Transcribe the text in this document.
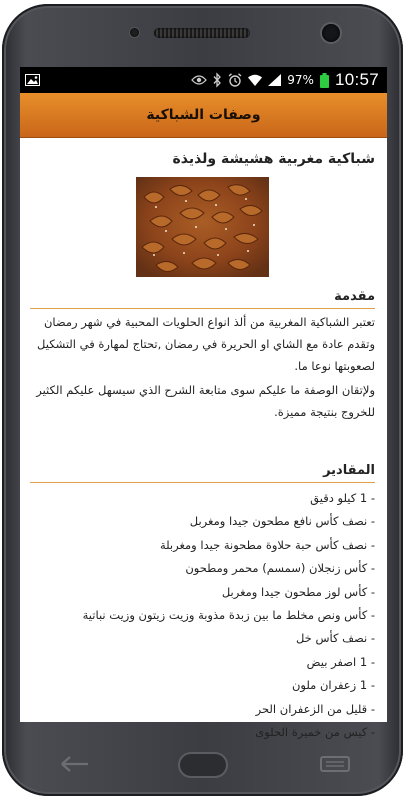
97% 10:57
وصفات الشباكية
شباكية مغربية هشيشة ولذيذة
مقدمة

تعتبر الشباكية المغربية من ألذ انواع الحلويات المحبية في شهر رمضان وتقدم عادة مع الشاي او الحريرة في رمضان ,تحتاج لمهارة في التشكيل لصعوبتها نوعا ما.

ولإتقان الوصفة ما عليكم سوى متابعة الشرح الذي سيسهل عليكم الكثير للخروج بنتيجة مميزة.

المقادير
- 1 كيلو دقيق
- نصف كأس نافع مطحون جيدا ومغربل
- نصف كأس حبة حلاوة مطحونة جيدا ومغربلة
- كأس زنجلان (سمسم) محمر ومطحون
- كأس لوز مطحون جيدا ومغربل
- كأس ونص مخلط ما بين زبدة مذوبة وزيت زيتون وزيت نباتية
- نصف كأس خل
- 1 اصفر بيض
- 1 زعفران ملون
- قليل من الزعفران الحر
- كيس من خميرة الحلوى
